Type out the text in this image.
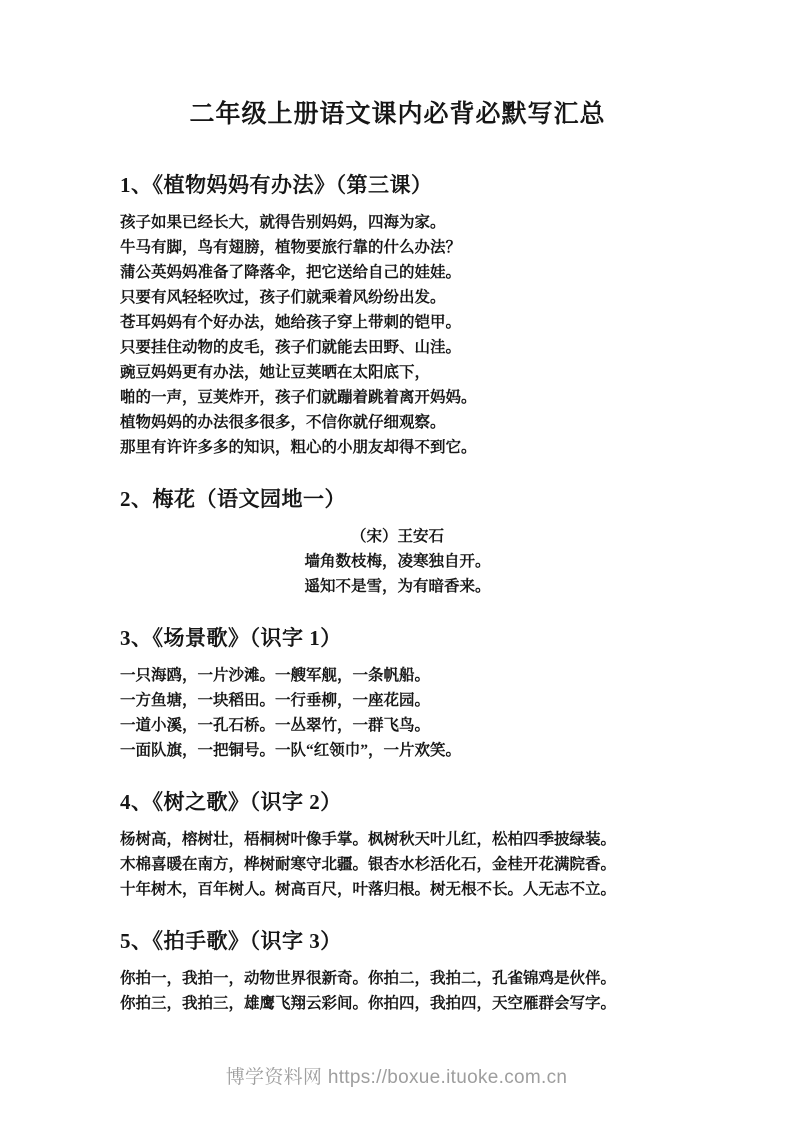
二年级上册语文课内必背必默写汇总
1、《植物妈妈有办法》（第三课）

孩子如果已经长大，就得告别妈妈，四海为家。

牛马有脚，鸟有翅膀，植物要旅行靠的什么办法？

蒲公英妈妈准备了降落伞，把它送给自己的娃娃。

只要有风轻轻吹过，孩子们就乘着风纷纷出发。

苍耳妈妈有个好办法，她给孩子穿上带刺的铠甲。

只要挂住动物的皮毛，孩子们就能去田野、山洼。

豌豆妈妈更有办法，她让豆荚晒在太阳底下，

啪的一声，豆荚炸开，孩子们就蹦着跳着离开妈妈。

植物妈妈的办法很多很多，不信你就仔细观察。

那里有许许多多的知识，粗心的小朋友却得不到它。

2、梅花（语文园地一）

（宋）王安石

墙角数枝梅，凌寒独自开。

遥知不是雪，为有暗香来。

3、《场景歌》（识字 1）

一只海鸥，一片沙滩。一艘军舰，一条帆船。

一方鱼塘，一块稻田。一行垂柳，一座花园。

一道小溪，一孔石桥。一丛翠竹，一群飞鸟。

一面队旗，一把铜号。一队“红领巾”，一片欢笑。

4、《树之歌》（识字 2）

杨树高，榕树壮，梧桐树叶像手掌。枫树秋天叶儿红，松柏四季披绿装。

木棉喜暖在南方，桦树耐寒守北疆。银杏水杉活化石，金桂开花满院香。

十年树木，百年树人。树高百尺，叶落归根。树无根不长。人无志不立。

5、《拍手歌》（识字 3）

你拍一，我拍一，动物世界很新奇。你拍二，我拍二，孔雀锦鸡是伙伴。

你拍三，我拍三，雄鹰飞翔云彩间。你拍四，我拍四，天空雁群会写字。

博学资料网 https://boxue.ituoke.com.cn
